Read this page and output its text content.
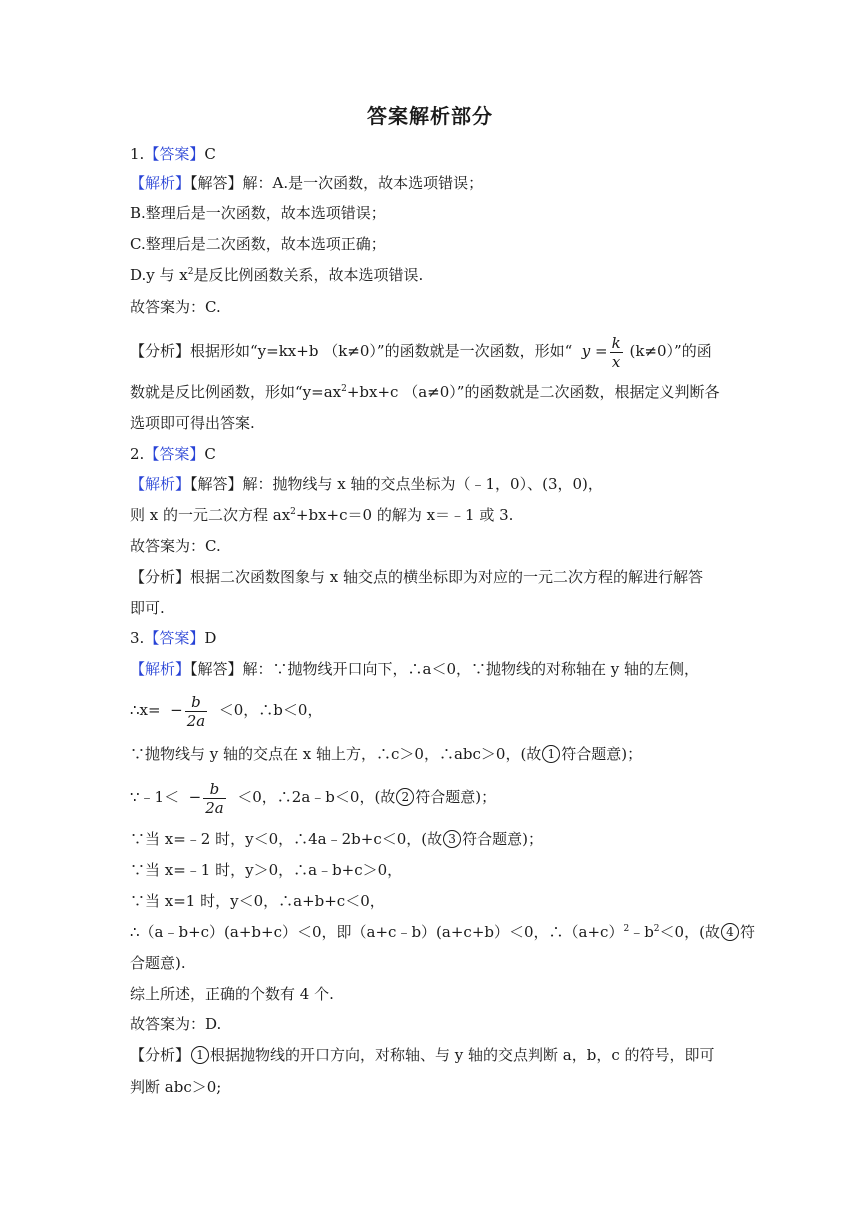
答案解析部分
1.【答案】C
【解析】【解答】解：A.是一次函数，故本选项错误；
B.整理后是一次函数，故本选项错误；
C.整理后是二次函数，故本选项正确；
D.y 与 $x^2$是反比例函数关系，故本选项错误.
故答案为：C.
【分析】根据形如“y=kx+b （k≠0）”的函数就是一次函数，形如“ $y = \frac{k}{x} (k\ne 0)$”的函
数就是反比例函数，形如“$y=ax^2+bx+c$ （a≠0）”的函数就是二次函数，根据定义判断各
选项即可得出答案.
2.【答案】C
【解析】【解答】解：抛物线与 x 轴的交点坐标为（﹣1，0）、(3，0)，
则 x 的一元二次方程 $ax^2+bx+c=0$ 的解为 x＝﹣1 或 3.
故答案为：C.
【分析】根据二次函数图象与 x 轴交点的横坐标即为对应的一元二次方程的解进行解答
即可.
3.【答案】D
【解析】【解答】解：∵抛物线开口向下，∴a＜0，∵抛物线的对称轴在 y 轴的左侧，
∴x= − $\frac{b}{2a} <0$，∴b＜0，
∵抛物线与 y 轴的交点在 x 轴上方，∴c＞0，∴abc＞0，(故 1 符合题意)；
∵﹣1＜ − $\frac{b}{2a} <0$，∴2a﹣b＜0，(故 2 符合题意)；
∵当 x=﹣2 时，y＜0，∴4a﹣2b+c＜0，(故 3 符合题意)；
∵当 x=﹣1 时，y＞0，∴a﹣b+c＞0，
∵当 x=1 时，y＜0，∴a+b+c＜0，
∴（a﹣b+c）(a+b+c）＜0，即（a+c﹣b）(a+c+b）＜0，$\therefore(a+c)^2﹣b^2<0$，(故 4 符
合题意).
综上所述，正确的个数有 4 个.
故答案为：D.
【分析】 1 根据抛物线的开口方向，对称轴、与 y 轴的交点判断 a，b，c 的符号，即可
判断 abc＞0;
